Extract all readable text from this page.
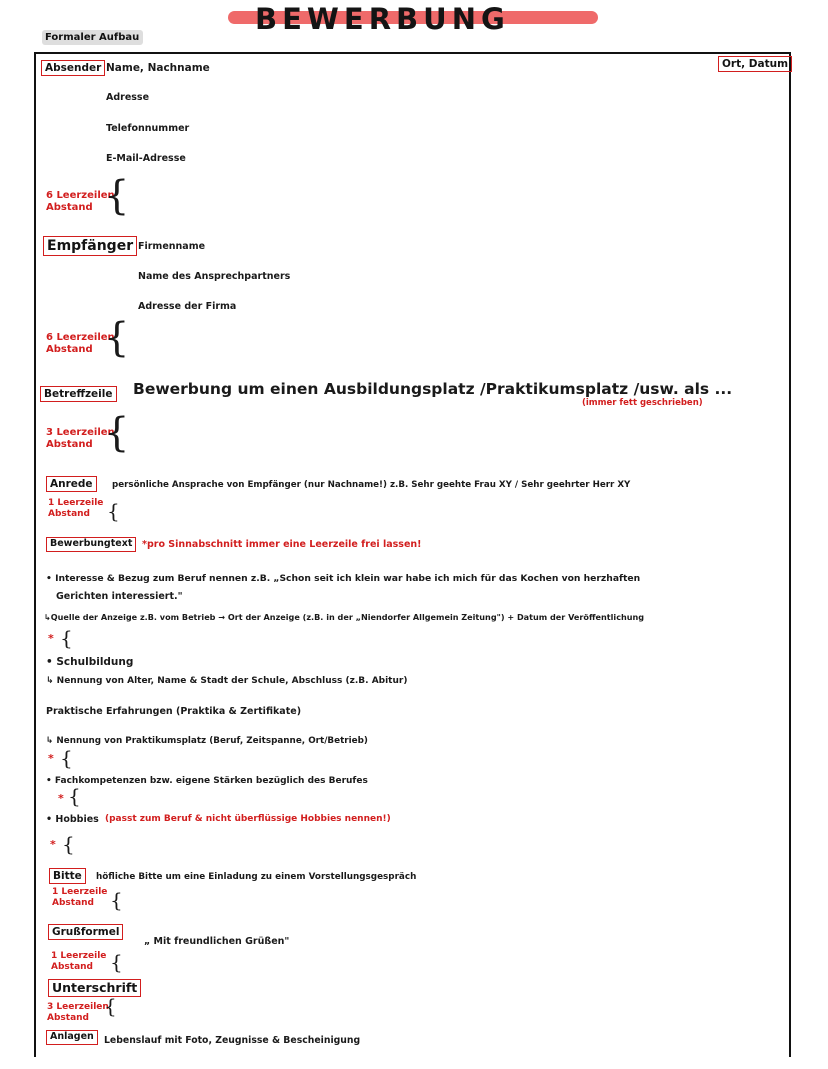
BEWERBUNG
Formaler Aufbau
Absender Name, Nachname
Adresse
Telefonnummer
E-Mail-Adresse
Ort, Datum
6 Leerzeilen
Abstand {
Empfänger Firmenname
Name des Ansprechpartners
Adresse der Firma
6 Leerzeilen
Abstand {
Betreffzeile Bewerbung um einen Ausbildungsplatz /Praktikumsplatz /usw. als ...
(immer fett geschrieben)
3 Leerzeilen
Abstand {
Anrede	persönliche Ansprache von Empfänger (nur Nachname!) z.B. Sehr geehte Frau XY / Sehr geehrter Herr XY
1 Leerzeile
Abstand {
Bewerbungtext	*pro Sinnabschnitt immer eine Leerzeile frei lassen!
• Interesse & Bezug zum Beruf nennen z.B. „Schon seit ich klein war habe ich mich für das Kochen von herzhaften
Gerichten interessiert."
↳Quelle der Anzeige z.B. vom Betrieb → Ort der Anzeige (z.B. in der „Niendorfer Allgemein Zeitung") + Datum der Veröffentlichung
* {
• Schulbildung
↳ Nennung von Alter, Name & Stadt der Schule, Abschluss (z.B. Abitur)
Praktische Erfahrungen (Praktika & Zertifikate)
↳ Nennung von Praktikumsplatz (Beruf, Zeitspanne, Ort/Betrieb)
* {
• Fachkompetenzen bzw. eigene Stärken bezüglich des Berufes
* {
• Hobbies (passt zum Beruf & nicht überflüssige Hobbies nennen!)
* {
Bitte	höfliche Bitte um eine Einladung zu einem Vorstellungsgespräch
1 Leerzeile
Abstand {
Grußformel
„ Mit freundlichen Grüßen"
1 Leerzeile
Abstand {
Unterschrift
3 Leerzeilen
Abstand {
Anlagen	Lebenslauf mit Foto, Zeugnisse & Bescheinigung
